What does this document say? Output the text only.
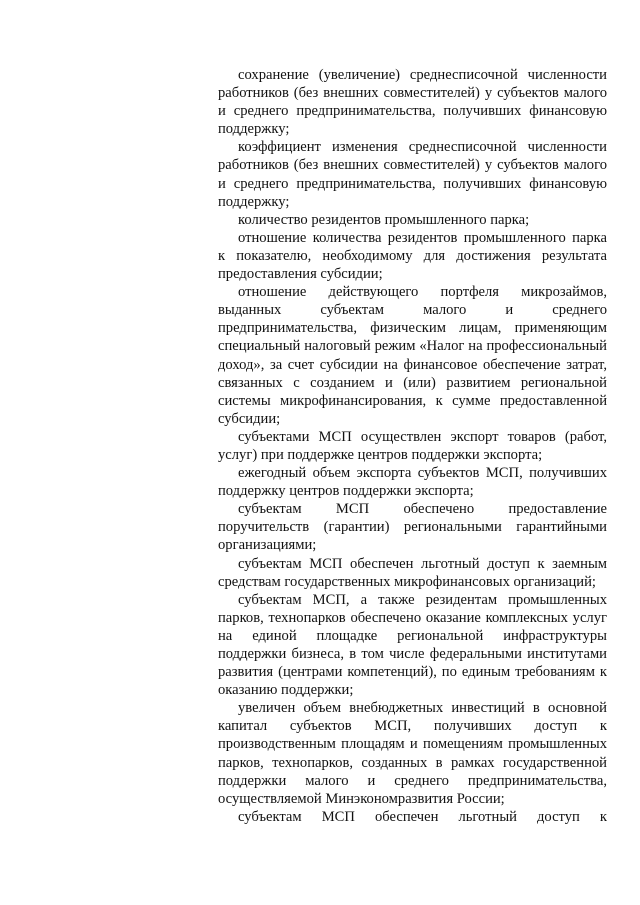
сохранение (увеличение) среднесписочной численности работников (без внешних совместителей) у субъектов малого и среднего предпринимательства, получивших финансовую поддержку;

коэффициент изменения среднесписочной численности работников (без внешних совместителей) у субъектов малого и среднего предпринимательства, получивших финансовую поддержку;

количество резидентов промышленного парка;

отношение количества резидентов промышленного парка к показателю, необходимому для достижения результата предоставления субсидии;

отношение действующего портфеля микрозаймов, выданных субъектам малого и среднего предпринимательства, физическим лицам, применяющим специальный налоговый режим «Налог на профессиональный доход», за счет субсидии на финансовое обеспечение затрат, связанных с созданием и (или) развитием региональной системы микрофинансирования, к сумме предоставленной субсидии;

субъектами МСП осуществлен экспорт товаров (работ, услуг) при поддержке центров поддержки экспорта;

ежегодный объем экспорта субъектов МСП, получивших поддержку центров поддержки экспорта;

субъектам МСП обеспечено предоставление поручительств (гарантии) региональными гарантийными организациями;

субъектам МСП обеспечен льготный доступ к заемным средствам государственных микрофинансовых организаций;

субъектам МСП, а также резидентам промышленных парков, технопарков обеспечено оказание комплексных услуг на единой площадке региональной инфраструктуры поддержки бизнеса, в том числе федеральными институтами развития (центрами компетенций), по единым требованиям к оказанию поддержки;

увеличен объем внебюджетных инвестиций в основной капитал субъектов МСП, получивших доступ к производственным площадям и помещениям промышленных парков, технопарков, созданных в рамках государственной поддержки малого и среднего предпринимательства, осуществляемой Минэкономразвития России;

субъектам МСП обеспечен льготный доступ к
